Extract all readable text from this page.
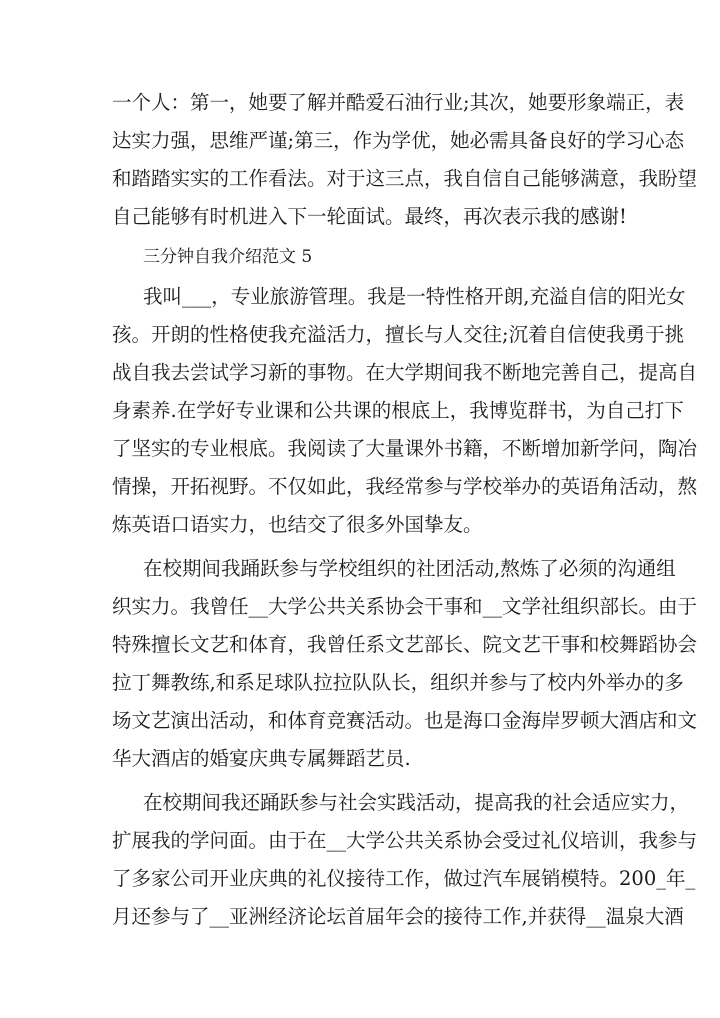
一个人：第一，她要了解并酷爱石油行业;其次，她要形象端正，表
达实力强，思维严谨;第三，作为学优，她必需具备良好的学习心态
和踏踏实实的工作看法。对于这三点，我自信自己能够满意，我盼望
自己能够有时机进入下一轮面试。最终，再次表示我的感谢!
三分钟自我介绍范文 5
我叫___，专业旅游管理。我是一特性格开朗,充溢自信的阳光女
孩。开朗的性格使我充溢活力，擅长与人交往;沉着自信使我勇于挑
战自我去尝试学习新的事物。在大学期间我不断地完善自己，提高自
身素养.在学好专业课和公共课的根底上，我博览群书，为自己打下
了坚实的专业根底。我阅读了大量课外书籍，不断增加新学问，陶冶
情操，开拓视野。不仅如此，我经常参与学校举办的英语角活动，熬
炼英语口语实力，也结交了很多外国挚友。
在校期间我踊跃参与学校组织的社团活动,熬炼了必须的沟通组
织实力。我曾任__大学公共关系协会干事和__文学社组织部长。由于
特殊擅长文艺和体育，我曾任系文艺部长、院文艺干事和校舞蹈协会
拉丁舞教练,和系足球队拉拉队队长，组织并参与了校内外举办的多
场文艺演出活动，和体育竞赛活动。也是海口金海岸罗顿大酒店和文
华大酒店的婚宴庆典专属舞蹈艺员.
在校期间我还踊跃参与社会实践活动，提高我的社会适应实力，
扩展我的学问面。由于在__大学公共关系协会受过礼仪培训，我参与
了多家公司开业庆典的礼仪接待工作，做过汽车展销模特。200_年_
月还参与了__亚洲经济论坛首届年会的接待工作,并获得__温泉大酒
